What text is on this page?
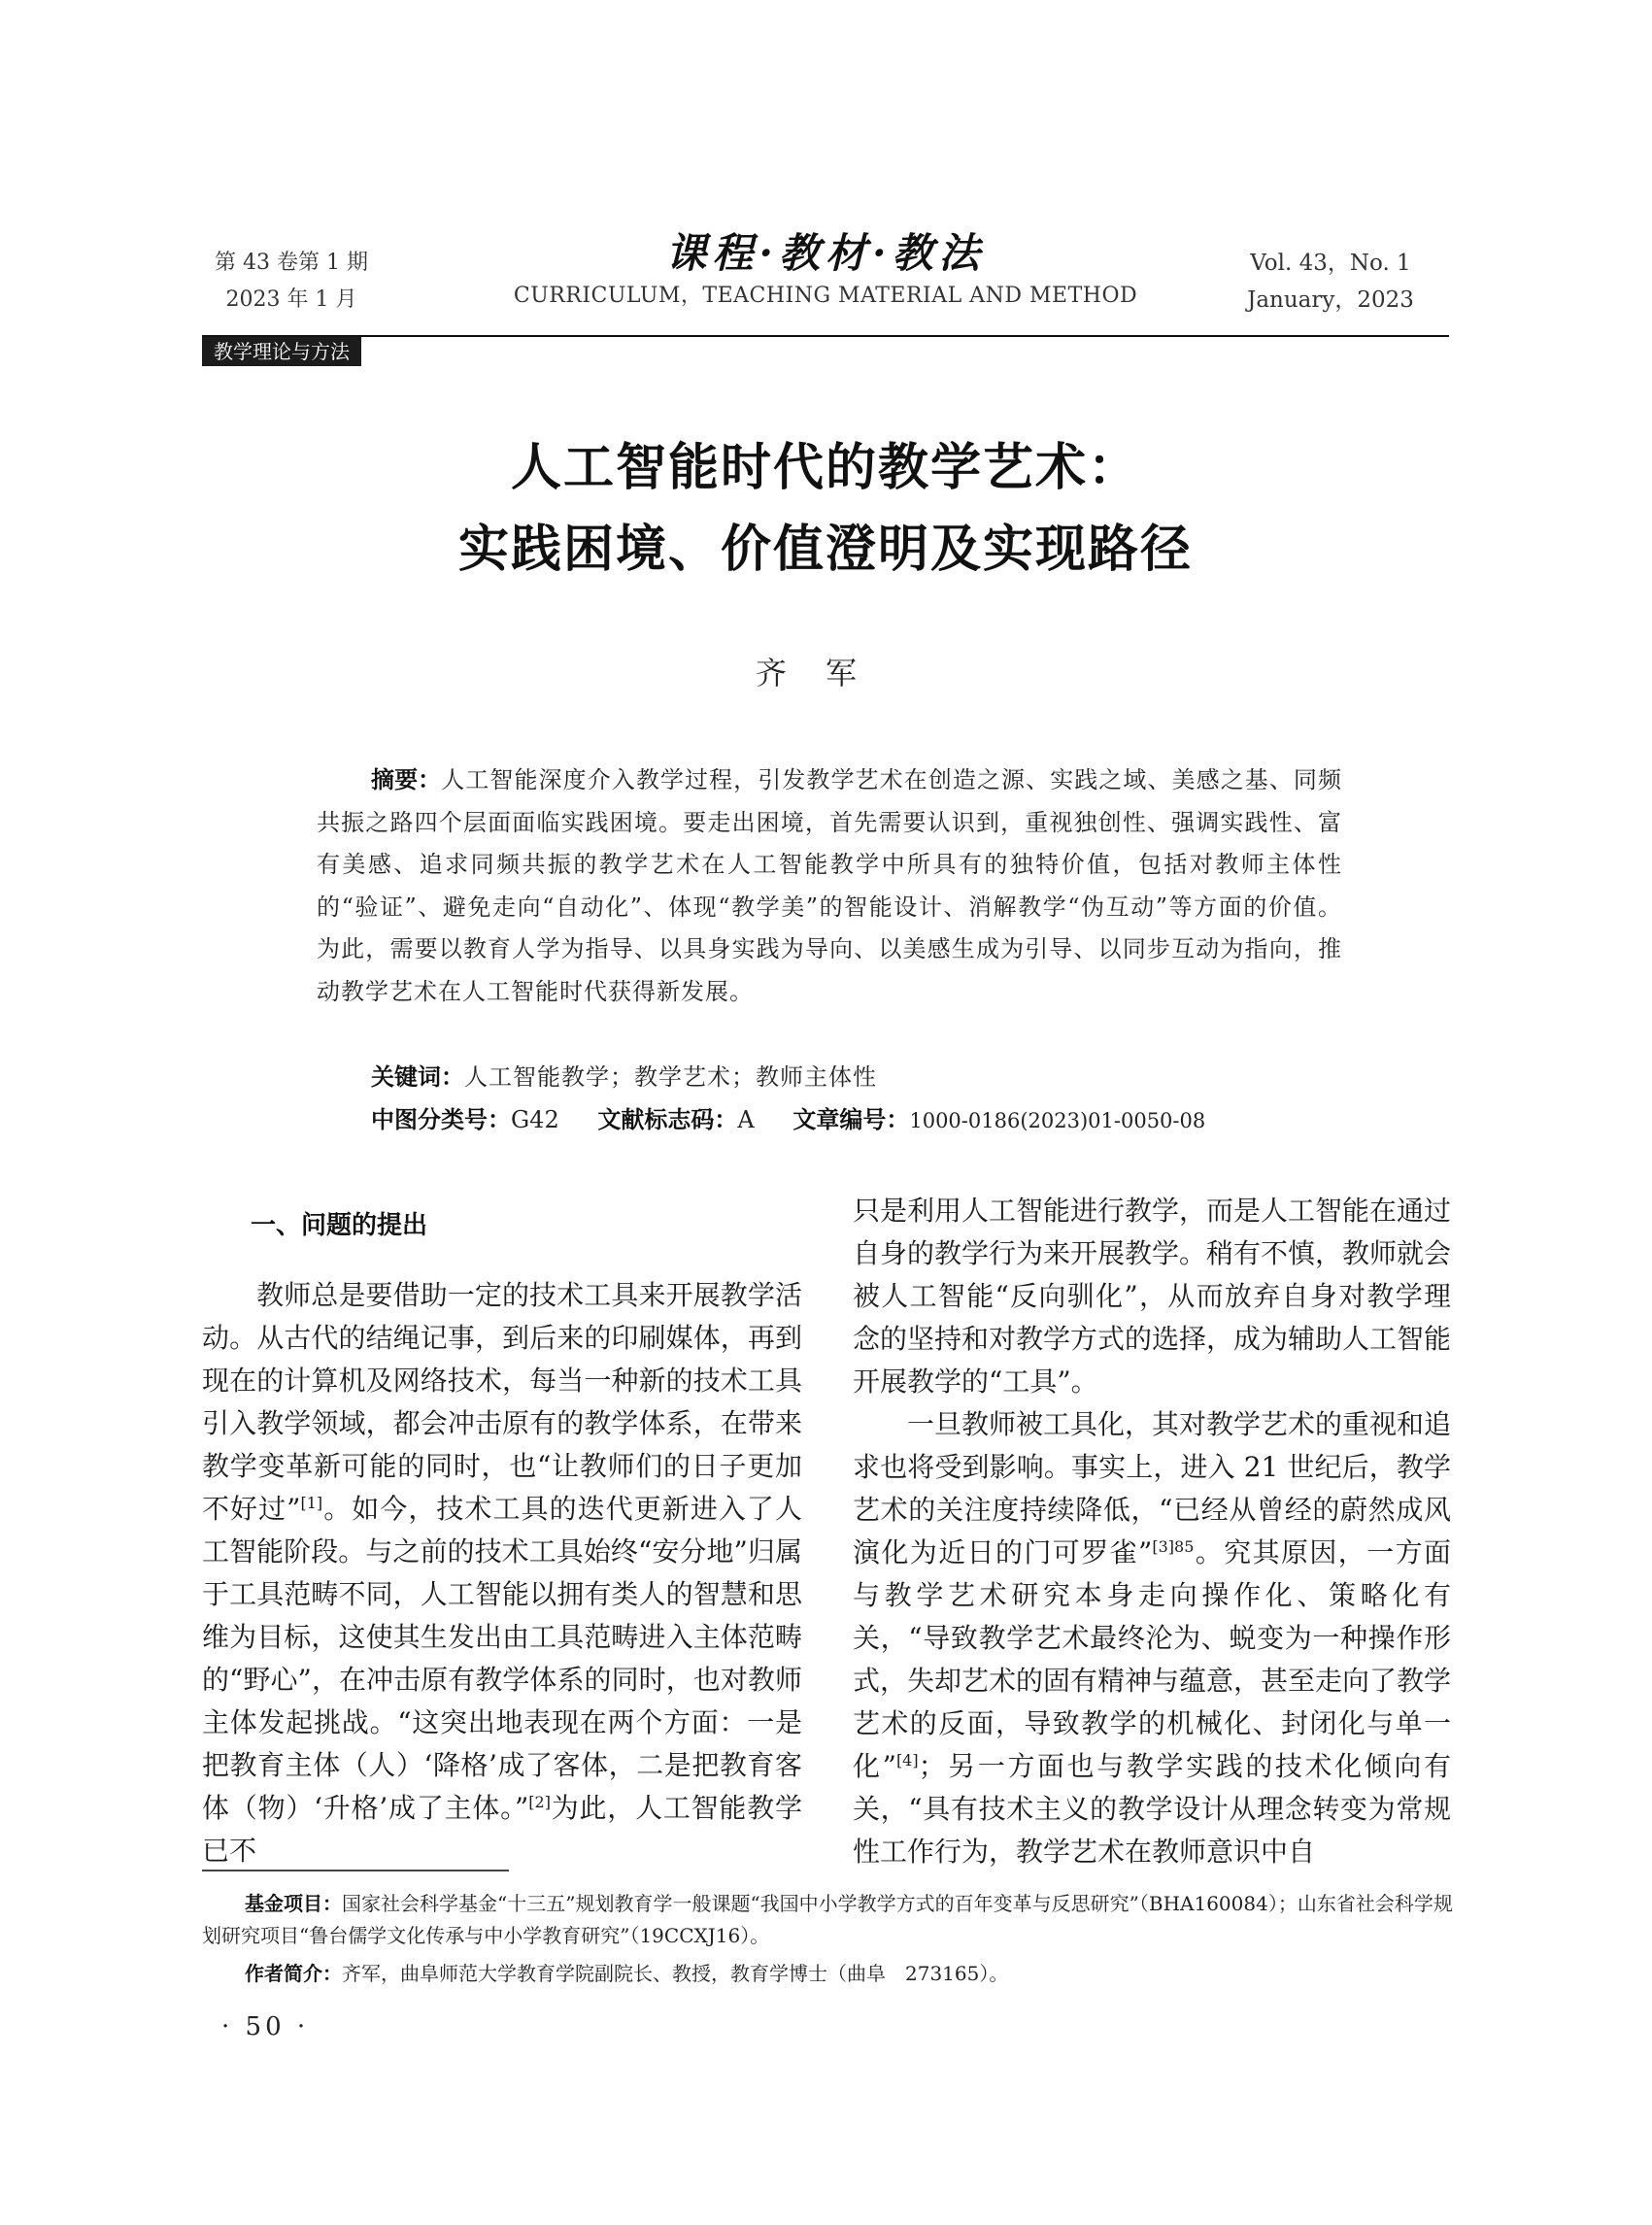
第 43 卷第 1 期
2023 年 1 月
课程·教材·教法
CURRICULUM，TEACHING MATERIAL AND METHOD
Vol. 43，No. 1
January，2023
教学理论与方法
人工智能时代的教学艺术：
实践困境、价值澄明及实现路径
齐军

摘要：人工智能深度介入教学过程，引发教学艺术在创造之源、实践之域、美感之基、同频共振之路四个层面面临实践困境。要走出困境，首先需要认识到，重视独创性、强调实践性、富有美感、追求同频共振的教学艺术在人工智能教学中所具有的独特价值，包括对教师主体性的“验证”、避免走向“自动化”、体现“教学美”的智能设计、消解教学“伪互动”等方面的价值。为此，需要以教育人学为指导、以具身实践为导向、以美感生成为引导、以同步互动为指向，推动教学艺术在人工智能时代获得新发展。

关键词：人工智能教学；教学艺术；教师主体性
中图分类号：G42 文献标志码：A 文章编号：1000-0186(2023)01-0050-08

一、问题的提出

教师总是要借助一定的技术工具来开展教学活动。从古代的结绳记事，到后来的印刷媒体，再到现在的计算机及网络技术，每当一种新的技术工具引入教学领域，都会冲击原有的教学体系，在带来教学变革新可能的同时，也“让教师们的日子更加不好过”[1]。如今，技术工具的迭代更新进入了人工智能阶段。与之前的技术工具始终“安分地”归属于工具范畴不同，人工智能以拥有类人的智慧和思维为目标，这使其生发出由工具范畴进入主体范畴的“野心”，在冲击原有教学体系的同时，也对教师主体发起挑战。“这突出地表现在两个方面：一是把教育主体（人）‘降格’成了客体，二是把教育客体（物）‘升格’成了主体。”[2]为此，人工智能教学已不

只是利用人工智能进行教学，而是人工智能在通过自身的教学行为来开展教学。稍有不慎，教师就会被人工智能“反向驯化”，从而放弃自身对教学理念的坚持和对教学方式的选择，成为辅助人工智能开展教学的“工具”。

一旦教师被工具化，其对教学艺术的重视和追求也将受到影响。事实上，进入 21 世纪后，教学艺术的关注度持续降低，“已经从曾经的蔚然成风演化为近日的门可罗雀”$^{[3]85}$。究其原因，一方面与教学艺术研究本身走向操作化、策略化有关，“导致教学艺术最终沦为、蜕变为一种操作形式，失却艺术的固有精神与蕴意，甚至走向了教学艺术的反面，导致教学的机械化、封闭化与单一化”[4]；另一方面也与教学实践的技术化倾向有关，“具有技术主义的教学设计从理念转变为常规性工作行为，教学艺术在教师意识中自

基金项目：国家社会科学基金“十三五”规划教育学一般课题“我国中小学教学方式的百年变革与反思研究”（BHA160084）；山东省社会科学规划研究项目“鲁台儒学文化传承与中小学教育研究”（19CCXJ16）。

作者简介：齐军，曲阜师范大学教育学院副院长、教授，教育学博士（曲阜　273165）。

· 50 ·
